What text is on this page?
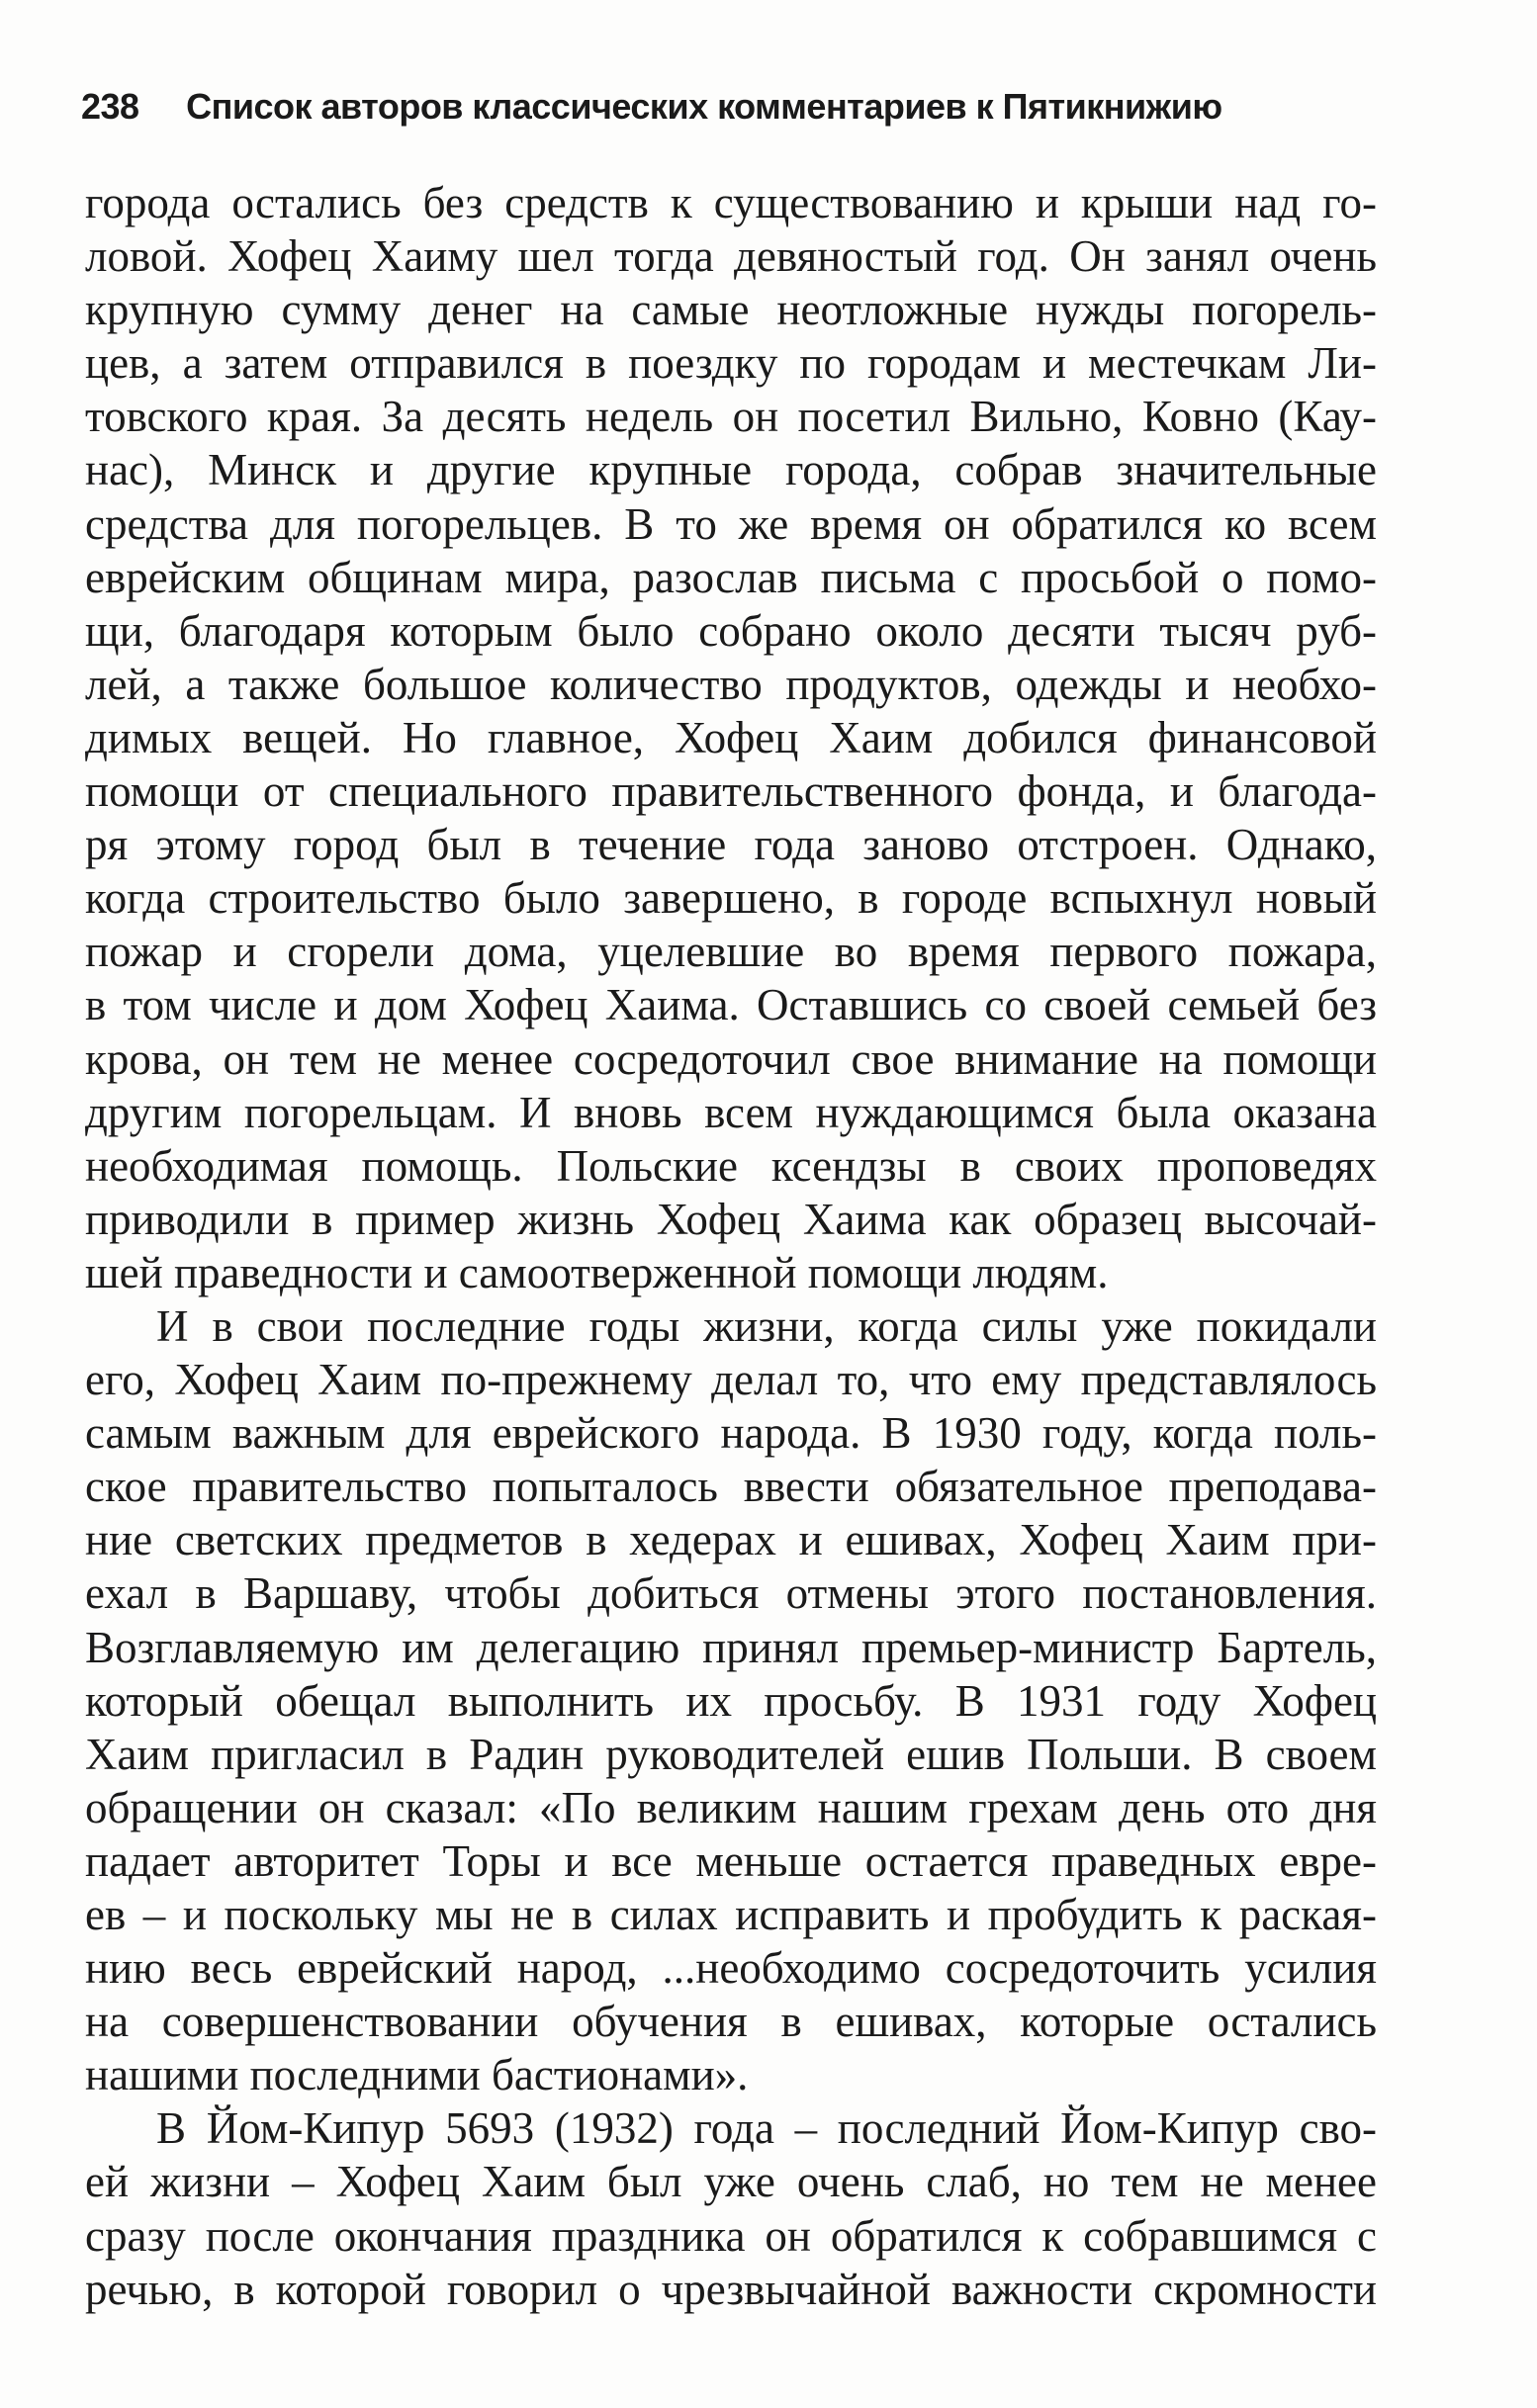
238 Список авторов классических комментариев к Пятикнижию
города остались без средств к существованию и крыши над го-
ловой. Хофец Хаиму шел тогда девяностый год. Он занял очень
крупную сумму денег на самые неотложные нужды погорель-
цев, а затем отправился в поездку по городам и местечкам Ли-
товского края. За десять недель он посетил Вильно, Ковно (Кау-
нас), Минск и другие крупные города, собрав значительные
средства для погорельцев. В то же время он обратился ко всем
еврейским общинам мира, разослав письма с просьбой о помо-
щи, благодаря которым было собрано около десяти тысяч руб-
лей, а также большое количество продуктов, одежды и необхо-
димых вещей. Но главное, Хофец Хаим добился финансовой
помощи от специального правительственного фонда, и благода-
ря этому город был в течение года заново отстроен. Однако,
когда строительство было завершено, в городе вспыхнул новый
пожар и сгорели дома, уцелевшие во время первого пожара,
в том числе и дом Хофец Хаима. Оставшись со своей семьей без
крова, он тем не менее сосредоточил свое внимание на помощи
другим погорельцам. И вновь всем нуждающимся была оказана
необходимая помощь. Польские ксендзы в своих проповедях
приводили в пример жизнь Хофец Хаима как образец высочай-
шей праведности и самоотверженной помощи людям.
И в свои последние годы жизни, когда силы уже покидали
его, Хофец Хаим по-прежнему делал то, что ему представлялось
самым важным для еврейского народа. В 1930 году, когда поль-
ское правительство попыталось ввести обязательное преподава-
ние светских предметов в хедерах и ешивах, Хофец Хаим при-
ехал в Варшаву, чтобы добиться отмены этого постановления.
Возглавляемую им делегацию принял премьер-министр Бартель,
который обещал выполнить их просьбу. В 1931 году Хофец
Хаим пригласил в Радин руководителей ешив Польши. В своем
обращении он сказал: «По великим нашим грехам день ото дня
падает авторитет Торы и все меньше остается праведных евре-
ев – и поскольку мы не в силах исправить и пробудить к раская-
нию весь еврейский народ, ...необходимо сосредоточить усилия
на совершенствовании обучения в ешивах, которые остались
нашими последними бастионами».
В Йом-Кипур 5693 (1932) года – последний Йом-Кипур сво-
ей жизни – Хофец Хаим был уже очень слаб, но тем не менее
сразу после окончания праздника он обратился к собравшимся с
речью, в которой говорил о чрезвычайной важности скромности
